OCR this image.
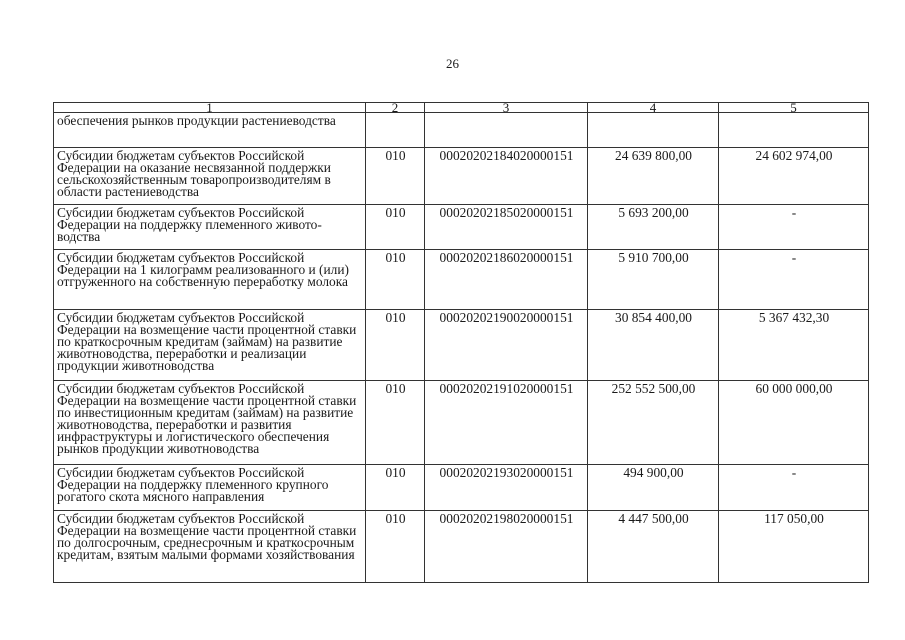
26
1	2	3	4	5
обеспечения рынков продукции растениеводства				
Субсидии бюджетам субъектов Российской Федерации на оказание несвязанной поддержки сельскохозяйственным товаропроизводителям в области растениеводства	010	00020202184020000151	24 639 800,00	24 602 974,00
Субсидии бюджетам субъектов Российской Федерации на поддержку племенного живото-водства	010	00020202185020000151	5 693 200,00	-
Субсидии бюджетам субъектов Российской Федерации на 1 килограмм реализованного и (или) отгруженного на собственную переработку молока	010	00020202186020000151	5 910 700,00	-
Субсидии бюджетам субъектов Российской Федерации на возмещение части процентной ставки по краткосрочным кредитам (займам) на развитие животноводства, переработки и реализации продукции животноводства	010	00020202190020000151	30 854 400,00	5 367 432,30
Субсидии бюджетам субъектов Российской Федерации на возмещение части процентной ставки по инвестиционным кредитам (займам) на развитие животноводства, переработки и развития инфраструктуры и логистического обеспечения рынков продукции животноводства	010	00020202191020000151	252 552 500,00	60 000 000,00
Субсидии бюджетам субъектов Российской Федерации на поддержку племенного крупного рогатого скота мясного направления	010	00020202193020000151	494 900,00	-
Субсидии бюджетам субъектов Российской Федерации на возмещение части процентной ставки по долгосрочным, среднесрочным и краткосрочным кредитам, взятым малыми формами хозяйствования	010	00020202198020000151	4 447 500,00	117 050,00
